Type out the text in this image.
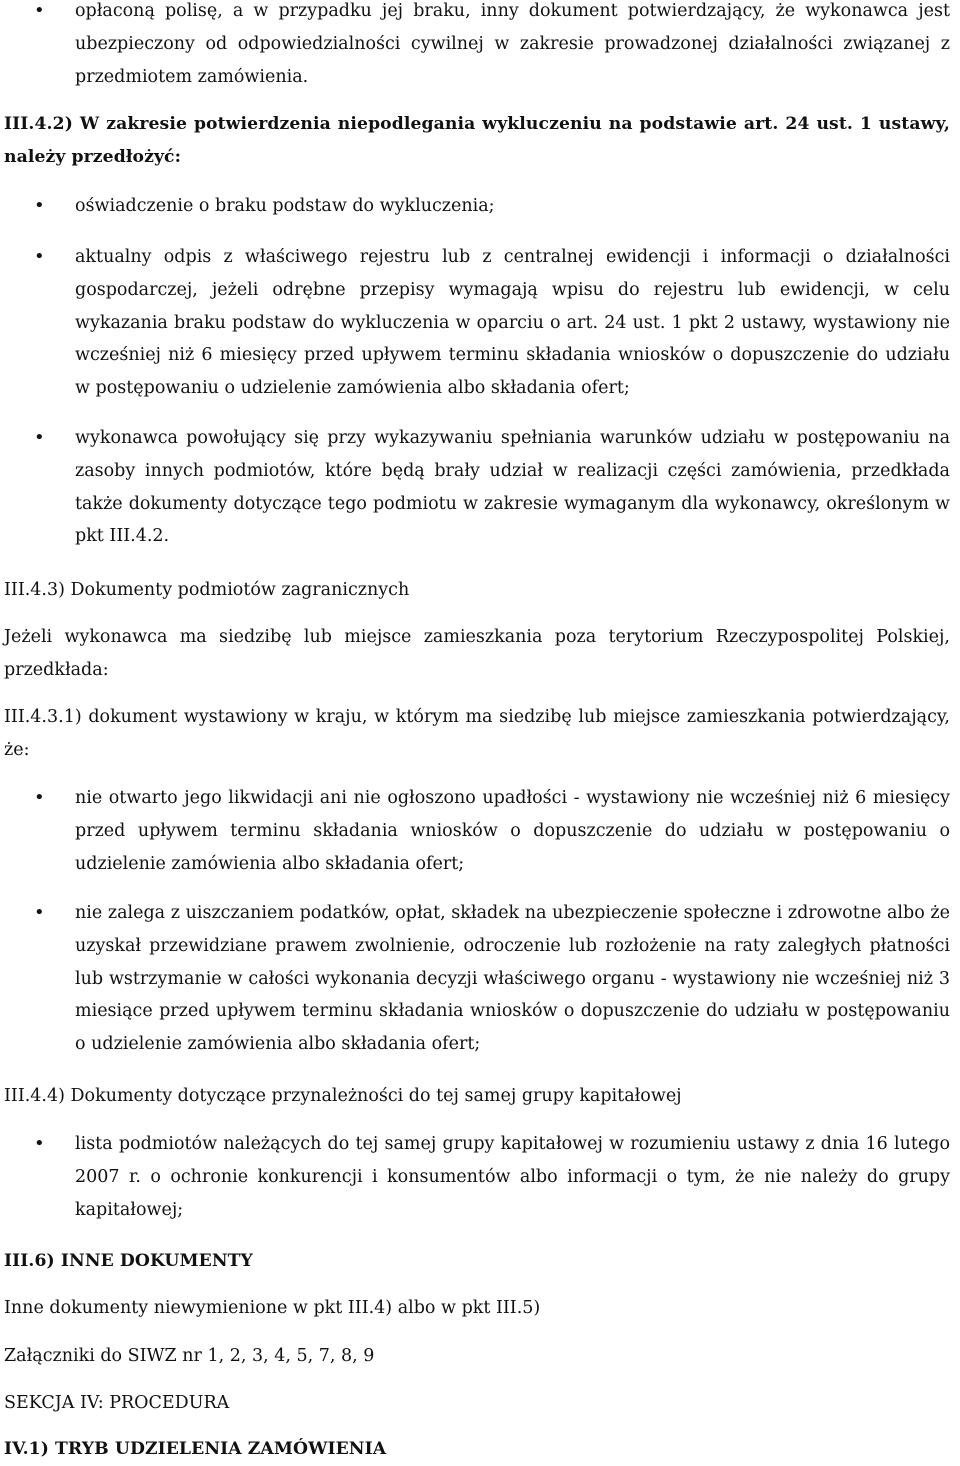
• opłaconą polisę, a w przypadku jej braku, inny dokument potwierdzający, że wykonawca jest ubezpieczony od odpowiedzialności cywilnej w zakresie prowadzonej działalności związanej z przedmiotem zamówienia.

III.4.2) W zakresie potwierdzenia niepodlegania wykluczeniu na podstawie art. 24 ust. 1 ustawy, należy przedłożyć:

• oświadczenie o braku podstaw do wykluczenia;

• aktualny odpis z właściwego rejestru lub z centralnej ewidencji i informacji o działalności gospodarczej, jeżeli odrębne przepisy wymagają wpisu do rejestru lub ewidencji, w celu wykazania braku podstaw do wykluczenia w oparciu o art. 24 ust. 1 pkt 2 ustawy, wystawiony nie wcześniej niż 6 miesięcy przed upływem terminu składania wniosków o dopuszczenie do udziału w postępowaniu o udzielenie zamówienia albo składania ofert;

• wykonawca powołujący się przy wykazywaniu spełniania warunków udziału w postępowaniu na zasoby innych podmiotów, które będą brały udział w realizacji części zamówienia, przedkłada także dokumenty dotyczące tego podmiotu w zakresie wymaganym dla wykonawcy, określonym w pkt III.4.2.

III.4.3) Dokumenty podmiotów zagranicznych

Jeżeli wykonawca ma siedzibę lub miejsce zamieszkania poza terytorium Rzeczypospolitej Polskiej, przedkłada:

III.4.3.1) dokument wystawiony w kraju, w którym ma siedzibę lub miejsce zamieszkania potwierdzający, że:

• nie otwarto jego likwidacji ani nie ogłoszono upadłości - wystawiony nie wcześniej niż 6 miesięcy przed upływem terminu składania wniosków o dopuszczenie do udziału w postępowaniu o udzielenie zamówienia albo składania ofert;

• nie zalega z uiszczaniem podatków, opłat, składek na ubezpieczenie społeczne i zdrowotne albo że uzyskał przewidziane prawem zwolnienie, odroczenie lub rozłożenie na raty zaległych płatności lub wstrzymanie w całości wykonania decyzji właściwego organu - wystawiony nie wcześniej niż 3 miesiące przed upływem terminu składania wniosków o dopuszczenie do udziału w postępowaniu o udzielenie zamówienia albo składania ofert;

III.4.4) Dokumenty dotyczące przynależności do tej samej grupy kapitałowej

• lista podmiotów należących do tej samej grupy kapitałowej w rozumieniu ustawy z dnia 16 lutego 2007 r. o ochronie konkurencji i konsumentów albo informacji o tym, że nie należy do grupy kapitałowej;

III.6) INNE DOKUMENTY

Inne dokumenty niewymienione w pkt III.4) albo w pkt III.5)

Załączniki do SIWZ nr 1, 2, 3, 4, 5, 7, 8, 9

SEKCJA IV: PROCEDURA

IV.1) TRYB UDZIELENIA ZAMÓWIENIA
